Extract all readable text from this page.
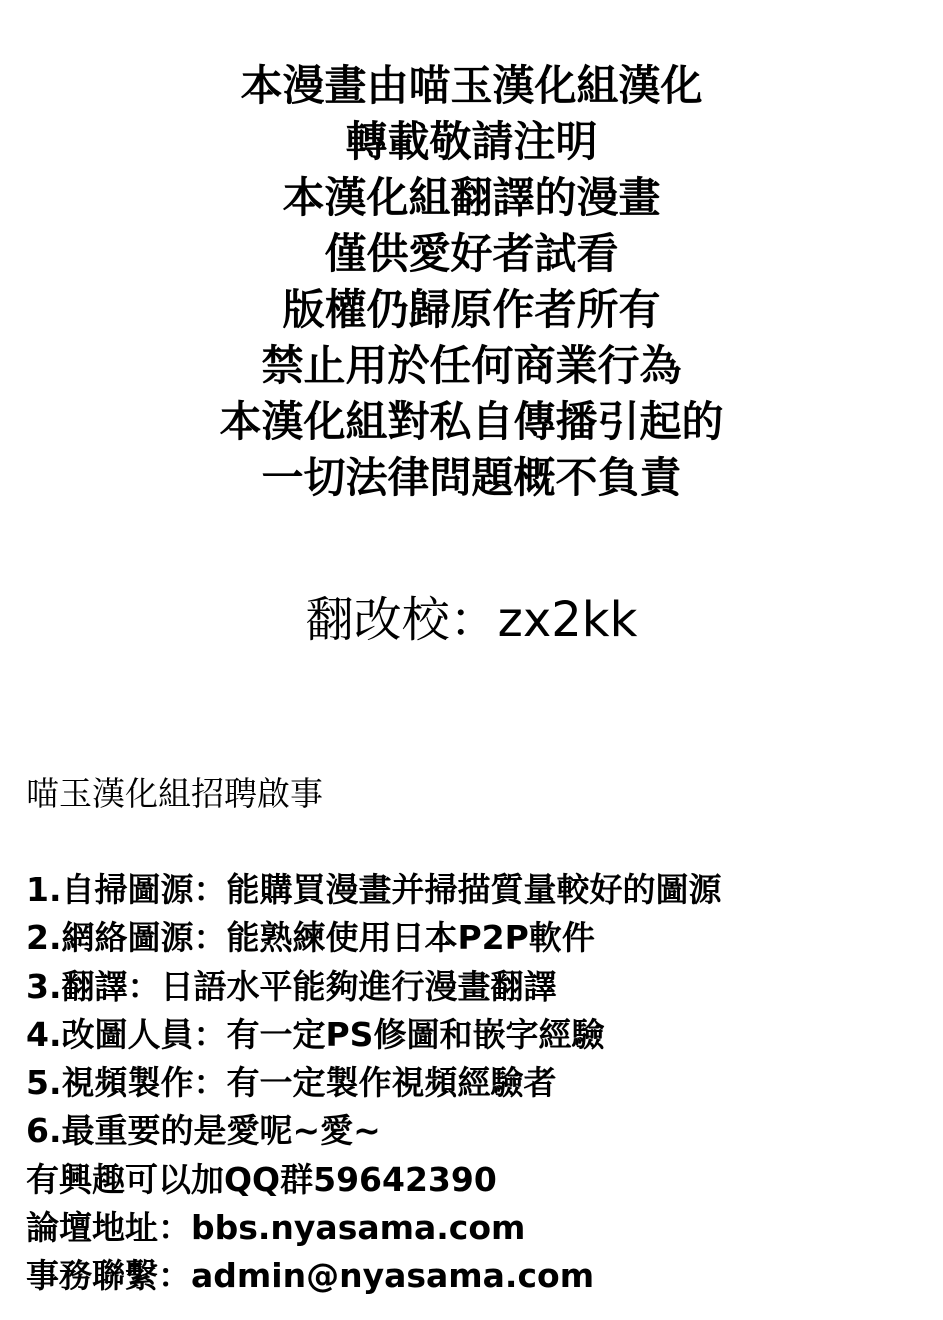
本漫畫由喵玉漢化組漢化
轉載敬請注明
本漢化組翻譯的漫畫
僅供愛好者試看
版權仍歸原作者所有
禁止用於任何商業行為
本漢化組對私自傳播引起的
一切法律問題概不負責
翻改校：zx2kk
喵玉漢化組招聘啟事
1.自掃圖源：能購買漫畫并掃描質量較好的圖源
2.網絡圖源：能熟練使用日本P2P軟件
3.翻譯：日語水平能夠進行漫畫翻譯
4.改圖人員：有一定PS修圖和嵌字經驗
5.視頻製作：有一定製作視頻經驗者
6.最重要的是愛呢~愛~
有興趣可以加QQ群59642390
論壇地址：bbs.nyasama.com
事務聯繫：admin@nyasama.com
